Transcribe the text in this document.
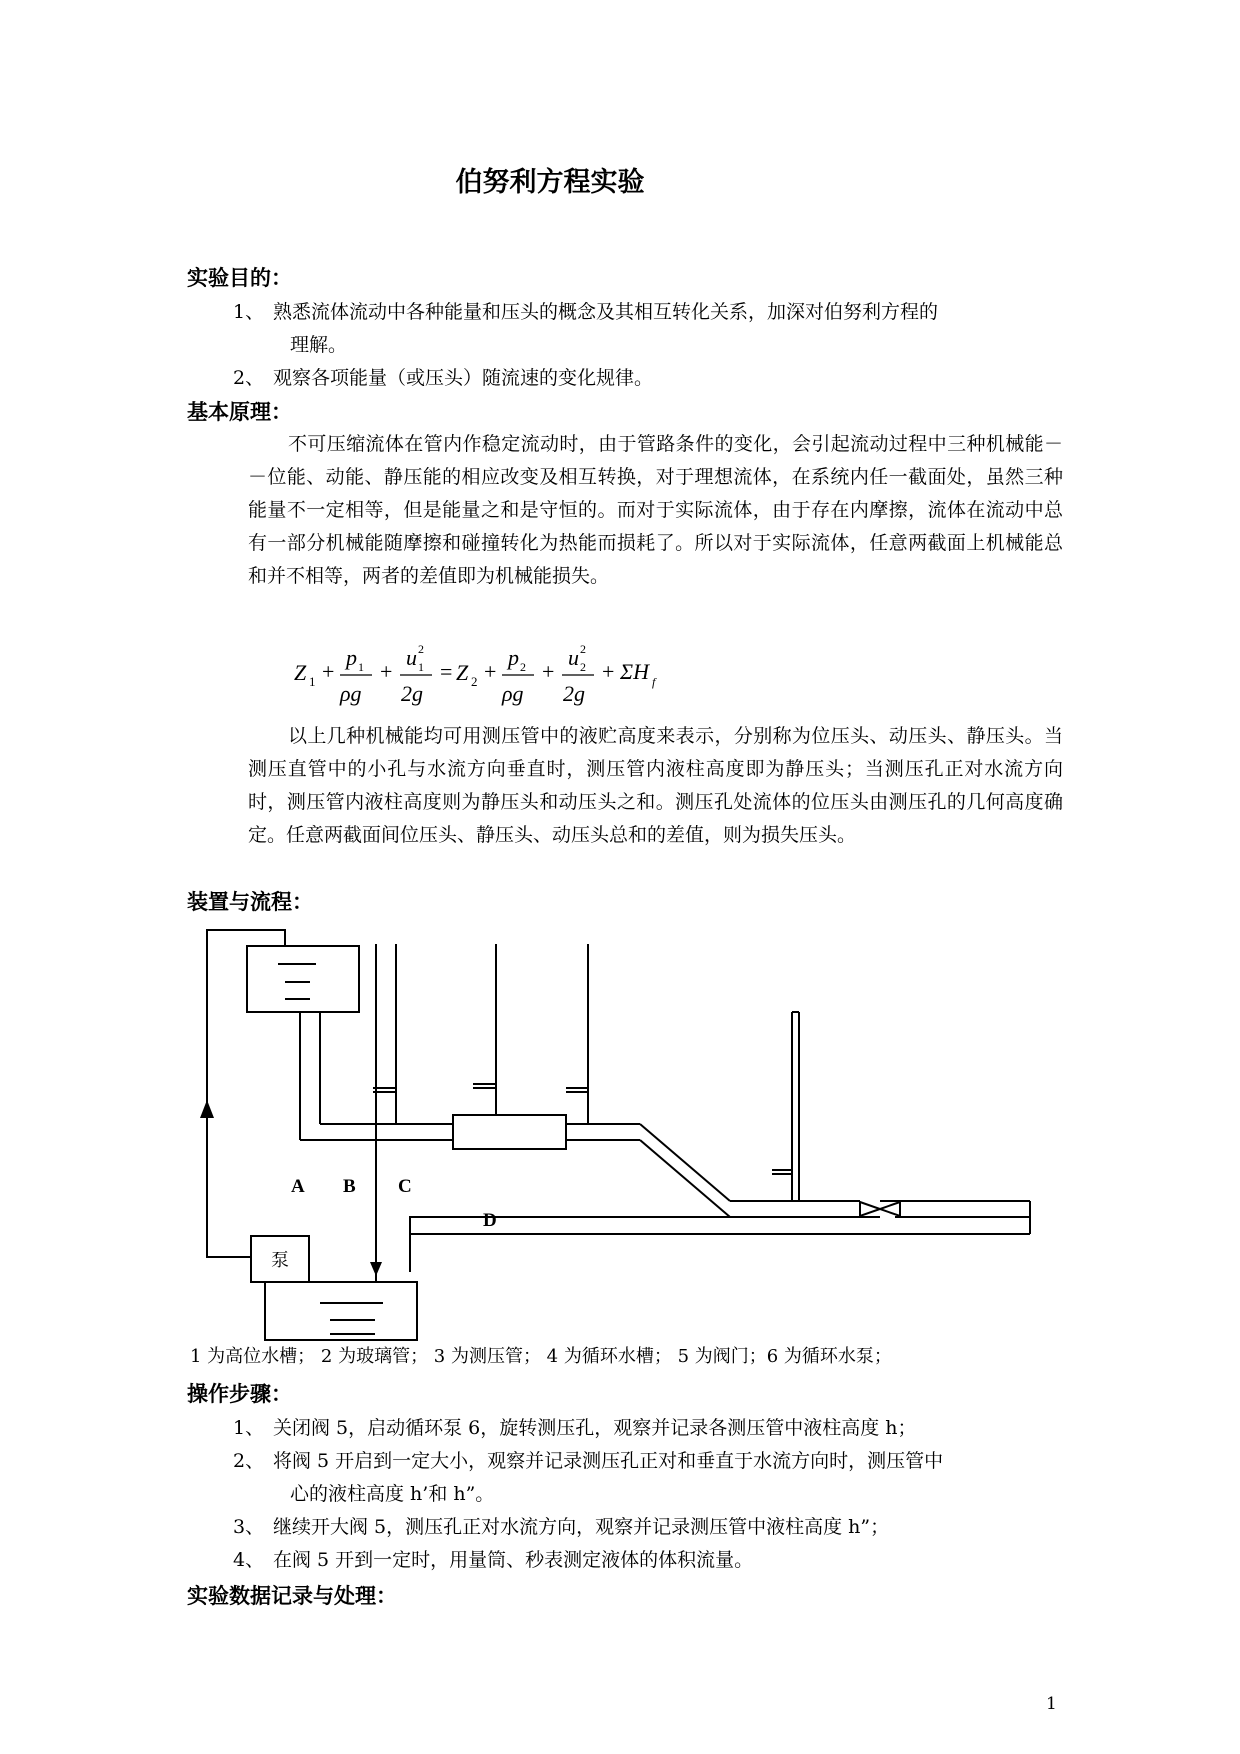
伯努利方程实验
实验目的：
1、 熟悉流体流动中各种能量和压头的概念及其相互转化关系，加深对伯努利方程的
理解。
2、 观察各项能量（或压头）随流速的变化规律。
基本原理：
不可压缩流体在管内作稳定流动时，由于管路条件的变化，会引起流动过程中三种机械能－－位能、动能、静压能的相应改变及相互转换，对于理想流体，在系统内任一截面处，虽然三种能量不一定相等，但是能量之和是守恒的。而对于实际流体，由于存在内摩擦，流体在流动中总有一部分机械能随摩擦和碰撞转化为热能而损耗了。所以对于实际流体，任意两截面上机械能总和并不相等，两者的差值即为机械能损失。
Z 1 +
p 1
ρg
+
u 1
2
2g
= Z 2 +
p 2
ρg
+
u 2
2
2g
+ ΣH f
以上几种机械能均可用测压管中的液贮高度来表示，分别称为位压头、动压头、静压头。当测压直管中的小孔与水流方向垂直时，测压管内液柱高度即为静压头；当测压孔正对水流方向时，测压管内液柱高度则为静压头和动压头之和。测压孔处流体的位压头由测压孔的几何高度确定。任意两截面间位压头、静压头、动压头总和的差值，则为损失压头。
装置与流程：
A B C
D
泵
1 为高位水槽； 2 为玻璃管； 3 为测压管； 4 为循环水槽； 5 为阀门；6 为循环水泵；
操作步骤：
1、 关闭阀 5，启动循环泵 6，旋转测压孔，观察并记录各测压管中液柱高度 h；
2、 将阀 5 开启到一定大小，观察并记录测压孔正对和垂直于水流方向时，测压管中
心的液柱高度 h’和 h”。
3、 继续开大阀 5，测压孔正对水流方向，观察并记录测压管中液柱高度 h”；
4、 在阀 5 开到一定时，用量筒、秒表测定液体的体积流量。
实验数据记录与处理：
1
